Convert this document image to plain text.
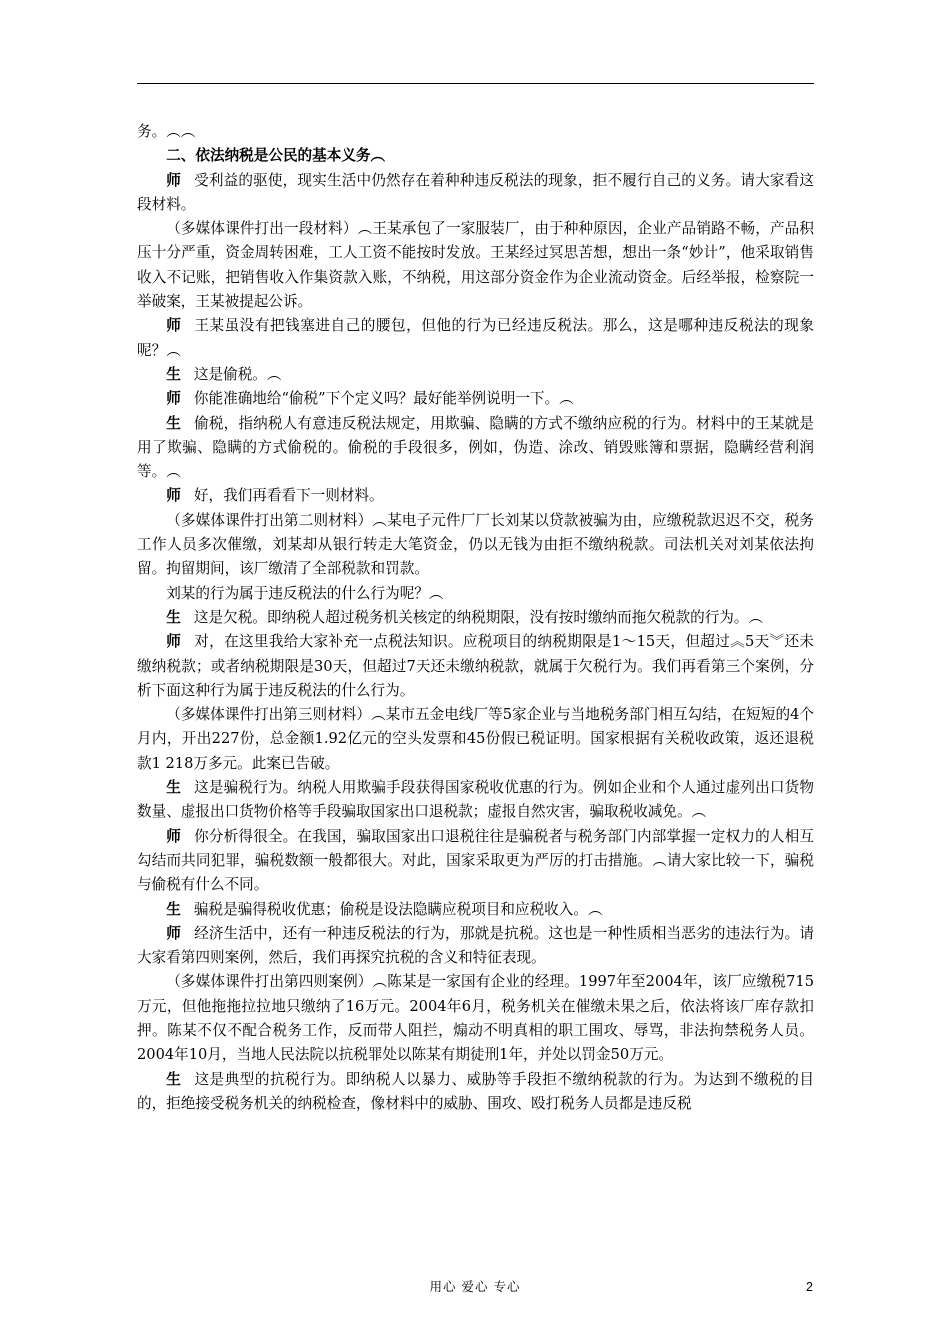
务。︵︵

二、依法纳税是公民的基本义务︵

师 受利益的驱使，现实生活中仍然存在着种种违反税法的现象，拒不履行自己的义务。请大家看这段材料。

（多媒体课件打出一段材料）︵王某承包了一家服装厂，由于种种原因，企业产品销路不畅，产品积压十分严重，资金周转困难，工人工资不能按时发放。王某经过冥思苦想，想出一条“妙计”，他采取销售收入不记账，把销售收入作集资款入账，不纳税，用这部分资金作为企业流动资金。后经举报，检察院一举破案，王某被提起公诉。

师 王某虽没有把钱塞进自己的腰包，但他的行为已经违反税法。那么，这是哪种违反税法的现象呢？︵

生 这是偷税。︵

师 你能准确地给“偷税”下个定义吗？最好能举例说明一下。︵

生 偷税，指纳税人有意违反税法规定，用欺骗、隐瞒的方式不缴纳应税的行为。材料中的王某就是用了欺骗、隐瞒的方式偷税的。偷税的手段很多，例如，伪造、涂改、销毁账簿和票据，隐瞒经营利润等。︵

师 好，我们再看看下一则材料。

（多媒体课件打出第二则材料）︵某电子元件厂厂长刘某以贷款被骗为由，应缴税款迟迟不交，税务工作人员多次催缴，刘某却从银行转走大笔资金，仍以无钱为由拒不缴纳税款。司法机关对刘某依法拘留。拘留期间，该厂缴清了全部税款和罚款。

刘某的行为属于违反税法的什么行为呢？︵

生 这是欠税。即纳税人超过税务机关核定的纳税期限，没有按时缴纳而拖欠税款的行为。︵

师 对，在这里我给大家补充一点税法知识。应税项目的纳税期限是1～15天，但超过︽5天︾还未缴纳税款；或者纳税期限是30天，但超过7天还未缴纳税款，就属于欠税行为。我们再看第三个案例，分析下面这种行为属于违反税法的什么行为。

（多媒体课件打出第三则材料）︵某市五金电线厂等5家企业与当地税务部门相互勾结，在短短的4个月内，开出227份，总金额1.92亿元的空头发票和45份假已税证明。国家根据有关税收政策，返还退税款1 218万多元。此案已告破。

生 这是骗税行为。纳税人用欺骗手段获得国家税收优惠的行为。例如企业和个人通过虚列出口货物数量、虚报出口货物价格等手段骗取国家出口退税款；虚报自然灾害，骗取税收减免。︵

师 你分析得很全。在我国，骗取国家出口退税往往是骗税者与税务部门内部掌握一定权力的人相互勾结而共同犯罪，骗税数额一般都很大。对此，国家采取更为严厉的打击措施。︵请大家比较一下，骗税与偷税有什么不同。

生 骗税是骗得税收优惠；偷税是设法隐瞒应税项目和应税收入。︵

师 经济生活中，还有一种违反税法的行为，那就是抗税。这也是一种性质相当恶劣的违法行为。请大家看第四则案例，然后，我们再探究抗税的含义和特征表现。

（多媒体课件打出第四则案例）︵陈某是一家国有企业的经理。1997年至2004年，该厂应缴税715万元，但他拖拖拉拉地只缴纳了16万元。2004年6月，税务机关在催缴未果之后，依法将该厂库存款扣押。陈某不仅不配合税务工作，反而带人阻拦，煽动不明真相的职工围攻、辱骂，非法拘禁税务人员。2004年10月，当地人民法院以抗税罪处以陈某有期徒刑1年，并处以罚金50万元。

生 这是典型的抗税行为。即纳税人以暴力、威胁等手段拒不缴纳税款的行为。为达到不缴税的目的，拒绝接受税务机关的纳税检查，像材料中的威胁、围攻、殴打税务人员都是违反税

用心 爱心 专心	2
